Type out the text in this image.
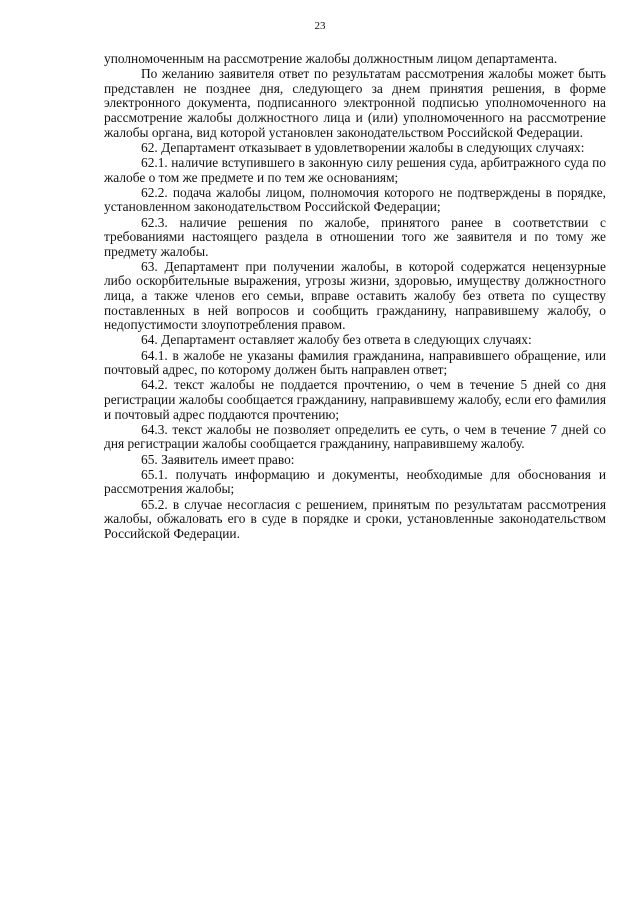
23

уполномоченным на рассмотрение жалобы должностным лицом департамента.

По желанию заявителя ответ по результатам рассмотрения жалобы может быть представлен не позднее дня, следующего за днем принятия решения, в форме электронного документа, подписанного электронной подписью уполномоченного на рассмотрение жалобы должностного лица и (или) уполномоченного на рассмотрение жалобы органа, вид которой установлен законодательством Российской Федерации.

62. Департамент отказывает в удовлетворении жалобы в следующих случаях:

62.1. наличие вступившего в законную силу решения суда, арбитражного суда по жалобе о том же предмете и по тем же основаниям;

62.2. подача жалобы лицом, полномочия которого не подтверждены в порядке, установленном законодательством Российской Федерации;

62.3. наличие решения по жалобе, принятого ранее в соответствии с требованиями настоящего раздела в отношении того же заявителя и по тому же предмету жалобы.

63. Департамент при получении жалобы, в которой содержатся нецензурные либо оскорбительные выражения, угрозы жизни, здоровью, имуществу должностного лица, а также членов его семьи, вправе оставить жалобу без ответа по существу поставленных в ней вопросов и сообщить гражданину, направившему жалобу, о недопустимости злоупотребления правом.

64. Департамент оставляет жалобу без ответа в следующих случаях:

64.1. в жалобе не указаны фамилия гражданина, направившего обращение, или почтовый адрес, по которому должен быть направлен ответ;

64.2. текст жалобы не поддается прочтению, о чем в течение 5 дней со дня регистрации жалобы сообщается гражданину, направившему жалобу, если его фамилия и почтовый адрес поддаются прочтению;

64.3. текст жалобы не позволяет определить ее суть, о чем в течение 7 дней со дня регистрации жалобы сообщается гражданину, направившему жалобу.

65. Заявитель имеет право:

65.1. получать информацию и документы, необходимые для обоснования и рассмотрения жалобы;

65.2. в случае несогласия с решением, принятым по результатам рассмотрения жалобы, обжаловать его в суде в порядке и сроки, установленные законодательством Российской Федерации.
